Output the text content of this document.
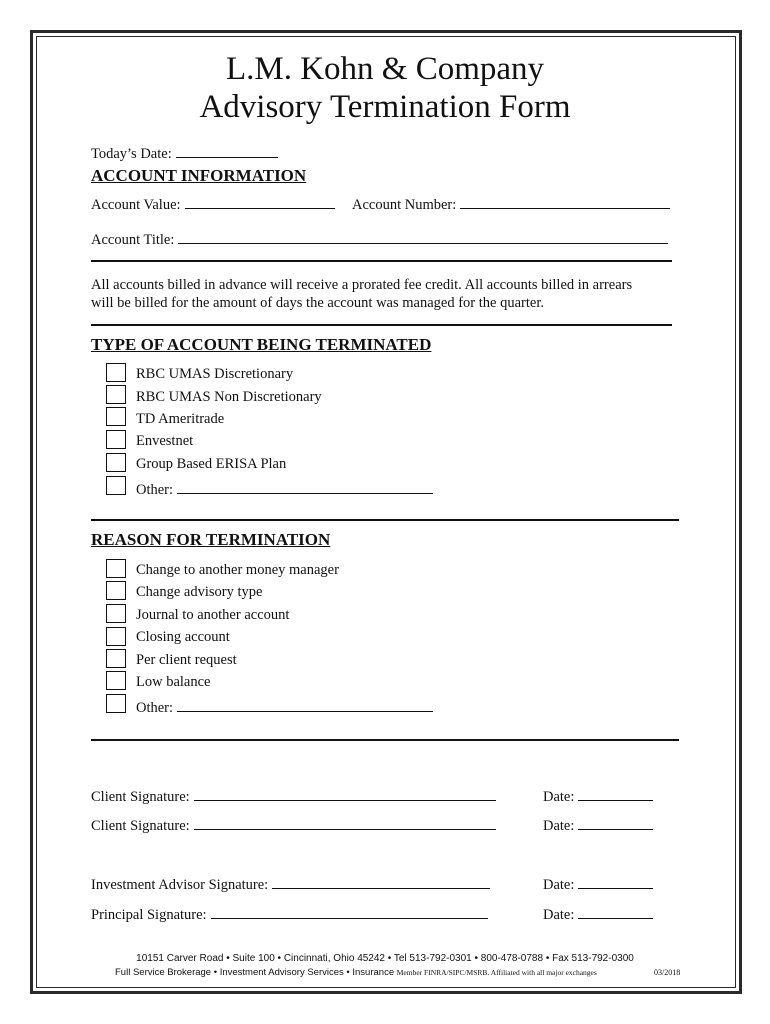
L.M. Kohn & Company
Advisory Termination Form
Today’s Date:
ACCOUNT INFORMATION
Account Value:	Account Number:
Account Title:
All accounts billed in advance will receive a prorated fee credit. All accounts billed in arrears
will be billed for the amount of days the account was managed for the quarter.
TYPE OF ACCOUNT BEING TERMINATED
RBC UMAS Discretionary
RBC UMAS Non Discretionary
TD Ameritrade
Envestnet
Group Based ERISA Plan
Other:
REASON FOR TERMINATION
Change to another money manager
Change advisory type
Journal to another account
Closing account
Per client request
Low balance
Other:
Client Signature:	Date:
Client Signature:	Date:
Investment Advisor Signature:	Date:
Principal Signature:	Date:
10151 Carver Road • Suite 100 • Cincinnati, Ohio 45242 • Tel 513-792-0301 • 800-478-0788 • Fax 513-792-0300
Full Service Brokerage • Investment Advisory Services • Insurance Member FINRA/SIPC/MSRB. Affiliated with all major exchanges	03/2018
